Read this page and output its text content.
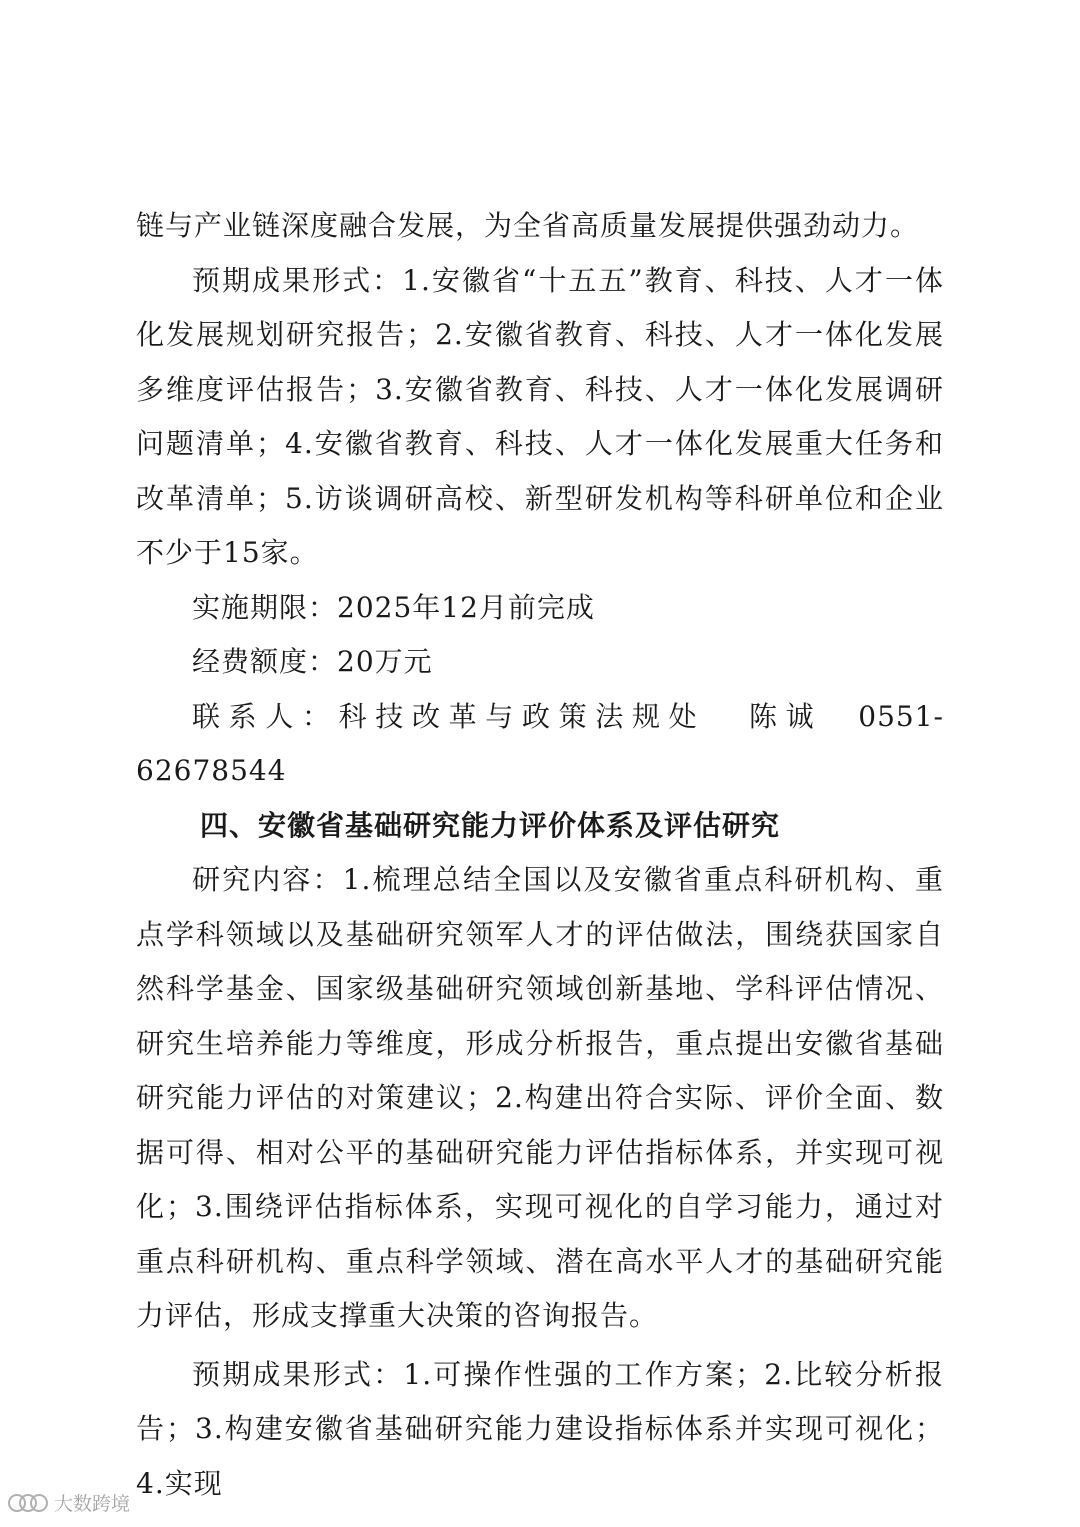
链与产业链深度融合发展，为全省高质量发展提供强劲动力。

预期成果形式：1.安徽省“十五五”教育、科技、人才一体化发展规划研究报告；2.安徽省教育、科技、人才一体化发展多维度评估报告；3.安徽省教育、科技、人才一体化发展调研问题清单；4.安徽省教育、科技、人才一体化发展重大任务和改革清单；5.访谈调研高校、新型研发机构等科研单位和企业不少于15家。

实施期限：2025年12月前完成

经费额度：20万元

联系人：科技改革与政策法规处 陈诚 0551-62678544

四、安徽省基础研究能力评价体系及评估研究

研究内容：1.梳理总结全国以及安徽省重点科研机构、重点学科领域以及基础研究领军人才的评估做法，围绕获国家自然科学基金、国家级基础研究领域创新基地、学科评估情况、研究生培养能力等维度，形成分析报告，重点提出安徽省基础研究能力评估的对策建议；2.构建出符合实际、评价全面、数据可得、相对公平的基础研究能力评估指标体系，并实现可视化；3.围绕评估指标体系，实现可视化的自学习能力，通过对重点科研机构、重点科学领域、潜在高水平人才的基础研究能力评估，形成支撑重大决策的咨询报告。

预期成果形式：1.可操作性强的工作方案；2.比较分析报告；3.构建安徽省基础研究能力建设指标体系并实现可视化；4.实现

大数跨境
